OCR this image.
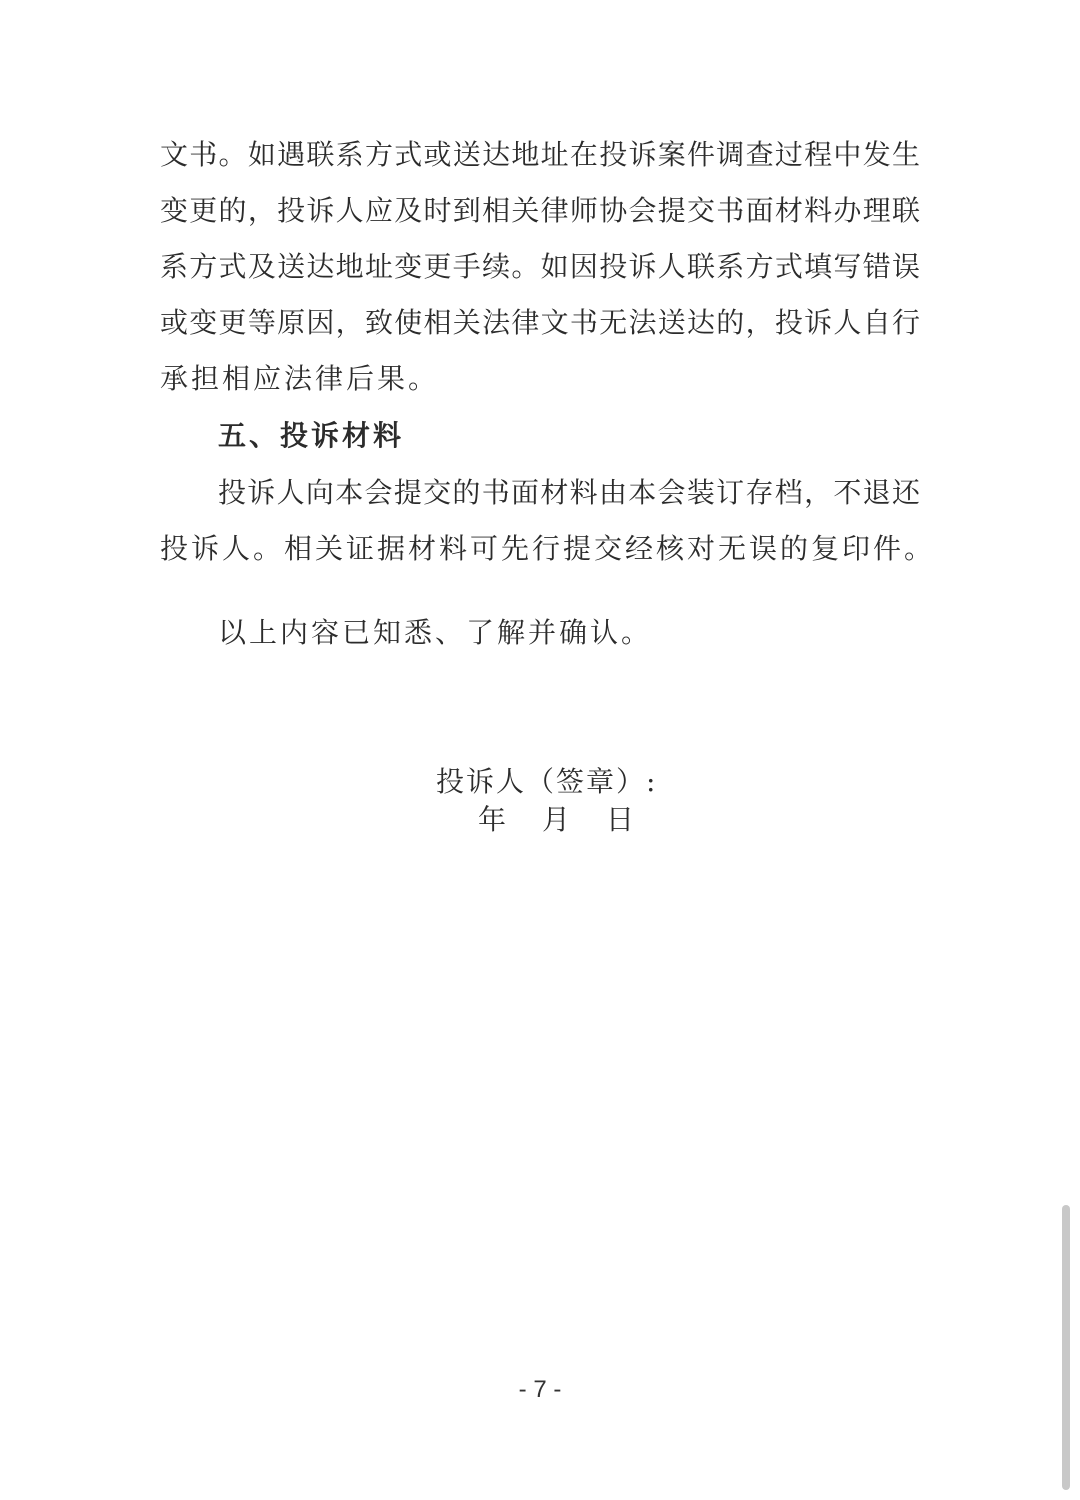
文书。如遇联系方式或送达地址在投诉案件调查过程中发生
变更的，投诉人应及时到相关律师协会提交书面材料办理联
系方式及送达地址变更手续。如因投诉人联系方式填写错误
或变更等原因，致使相关法律文书无法送达的，投诉人自行
承担相应法律后果。
五、投诉材料
投诉人向本会提交的书面材料由本会装订存档，不退还
投诉人。相关证据材料可先行提交经核对无误的复印件。
以上内容已知悉、了解并确认。
投诉人（签章）:
年 月 日
- 7 -
